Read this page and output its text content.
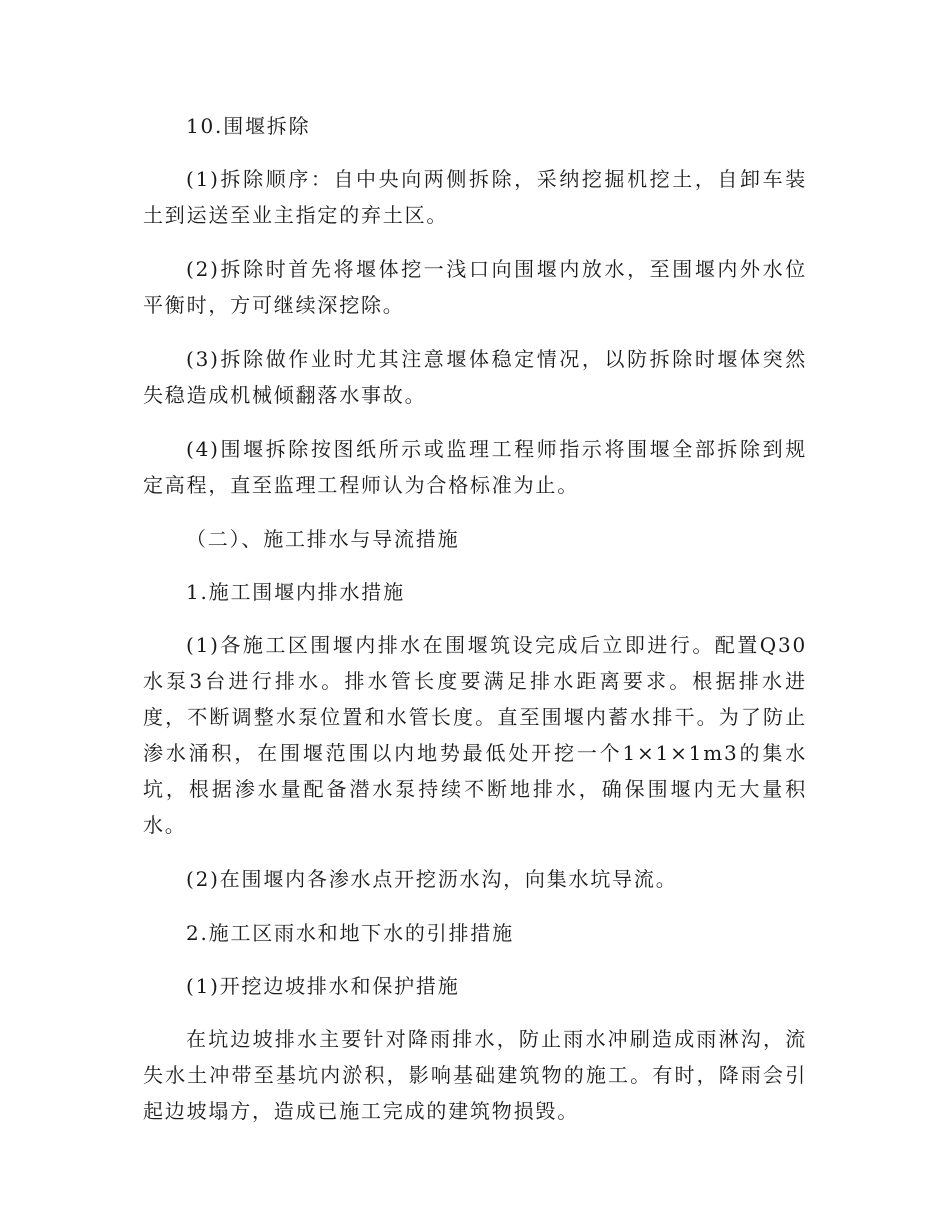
10.围堰拆除

(1)拆除顺序：自中央向两侧拆除，采纳挖掘机挖土，自卸车装土到运送至业主指定的弃土区。

(2)拆除时首先将堰体挖一浅口向围堰内放水，至围堰内外水位平衡时，方可继续深挖除。

(3)拆除做作业时尤其注意堰体稳定情况，以防拆除时堰体突然失稳造成机械倾翻落水事故。

(4)围堰拆除按图纸所示或监理工程师指示将围堰全部拆除到规定高程，直至监理工程师认为合格标准为止。

（二）、施工排水与导流措施

1.施工围堰内排水措施

(1)各施工区围堰内排水在围堰筑设完成后立即进行。配置Q30水泵3台进行排水。排水管长度要满足排水距离要求。根据排水进度，不断调整水泵位置和水管长度。直至围堰内蓄水排干。为了防止渗水涌积，在围堰范围以内地势最低处开挖一个1×1×1m3的集水坑，根据渗水量配备潜水泵持续不断地排水，确保围堰内无大量积水。

(2)在围堰内各渗水点开挖沥水沟，向集水坑导流。

2.施工区雨水和地下水的引排措施

(1)开挖边坡排水和保护措施

在坑边坡排水主要针对降雨排水，防止雨水冲刷造成雨淋沟，流失水土冲带至基坑内淤积，影响基础建筑物的施工。有时，降雨会引起边坡塌方，造成已施工完成的建筑物损毁。
